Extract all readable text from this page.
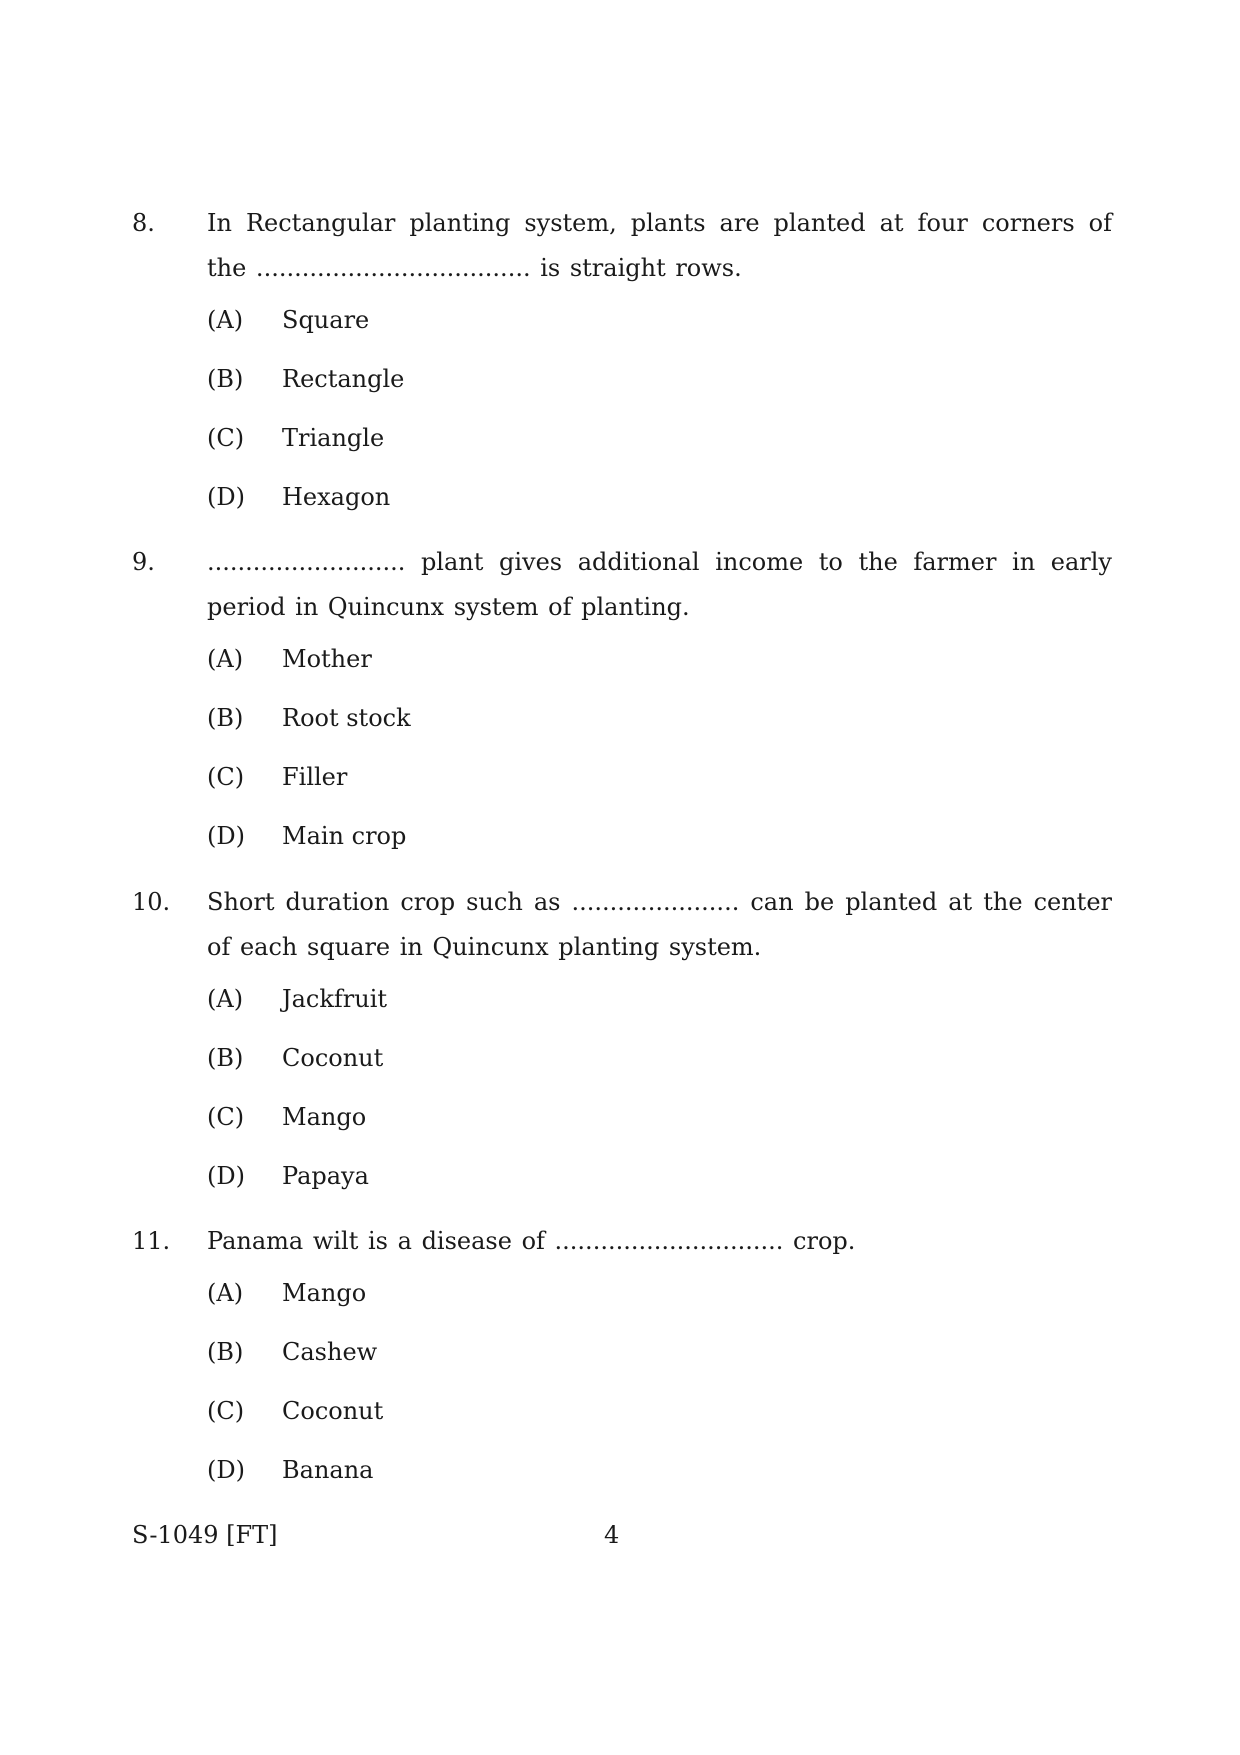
8. In Rectangular planting system, plants are planted at four corners of the .................................... is straight rows.
(A) Square
(B) Rectangle
(C) Triangle
(D) Hexagon
9. .......................... plant gives additional income to the farmer in early period in Quincunx system of planting.
(A) Mother
(B) Root stock
(C) Filler
(D) Main crop
10. Short duration crop such as ...................... can be planted at the center of each square in Quincunx planting system.
(A) Jackfruit
(B) Coconut
(C) Mango
(D) Papaya
11. Panama wilt is a disease of .............................. crop.
(A) Mango
(B) Cashew
(C) Coconut
(D) Banana
S-1049 [FT]	4
